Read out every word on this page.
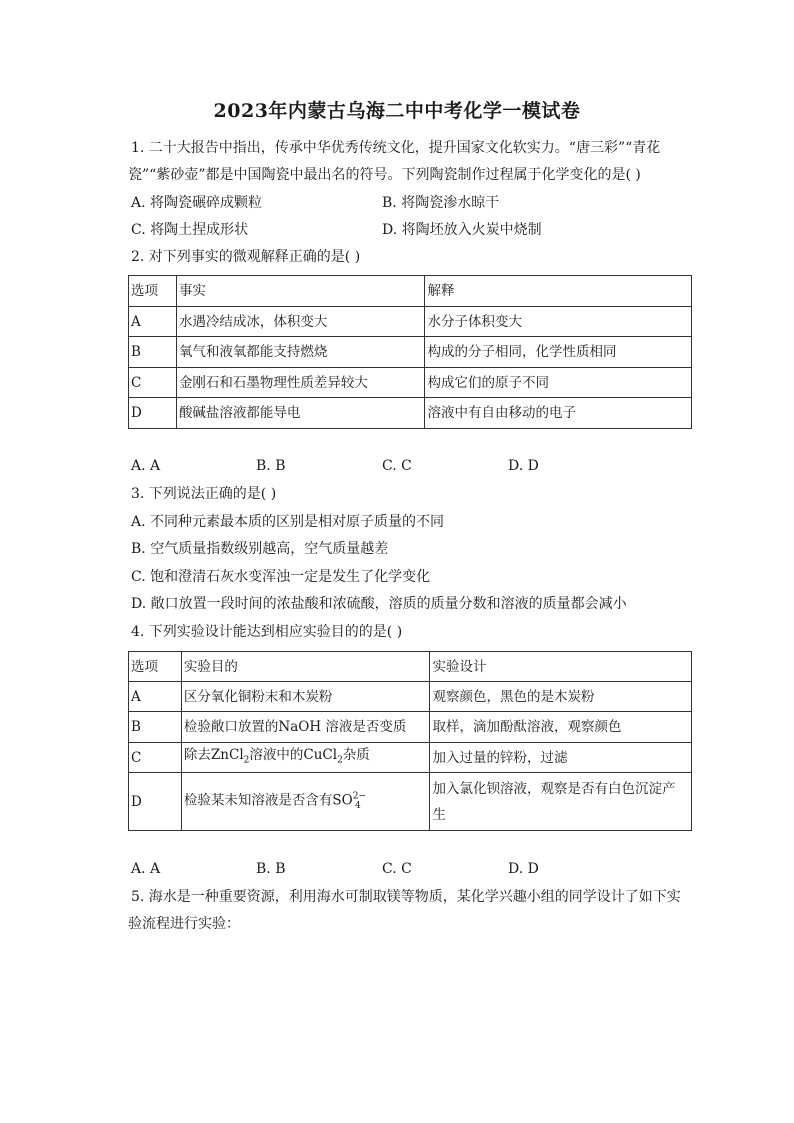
2023年内蒙古乌海二中中考化学一模试卷
1. 二十大报告中指出，传承中华优秀传统文化，提升国家文化软实力。“唐三彩”“青花
瓷”“紫砂壶”都是中国陶瓷中最出名的符号。下列陶瓷制作过程属于化学变化的是( )
A. 将陶瓷碾碎成颗粒	B. 将陶瓷渗水晾干
C. 将陶土捏成形状	D. 将陶坯放入火炭中烧制
2. 对下列事实的微观解释正确的是( )
选项	事实	解释
A	水遇冷结成冰，体积变大	水分子体积变大
B	氧气和液氧都能支持燃烧	构成的分子相同，化学性质相同
C	金刚石和石墨物理性质差异较大	构成它们的原子不同
D	酸碱盐溶液都能导电	溶液中有自由移动的电子
A. A	B. B	C. C	D. D
3. 下列说法正确的是( )
A. 不同种元素最本质的区别是相对原子质量的不同
B. 空气质量指数级别越高，空气质量越差
C. 饱和澄清石灰水变浑浊一定是发生了化学变化
D. 敞口放置一段时间的浓盐酸和浓硫酸，溶质的质量分数和溶液的质量都会减小
4. 下列实验设计能达到相应实验目的的是( )
选项	实验目的	实验设计
A	区分氧化铜粉末和木炭粉	观察颜色，黑色的是木炭粉
B	检验敞口放置的NaOH 溶液是否变质	取样，滴加酚酞溶液，观察颜色
C	除去ZnCl$_2$溶液中的CuCl$_2$杂质	加入过量的锌粉，过滤
D	检验某未知溶液是否含有$SO^{2-}_4$	加入氯化钡溶液，观察是否有白色沉淀产
生
A. A	B. B	C. C	D. D
5. 海水是一种重要资源，利用海水可制取镁等物质，某化学兴趣小组的同学设计了如下实
验流程进行实验：
